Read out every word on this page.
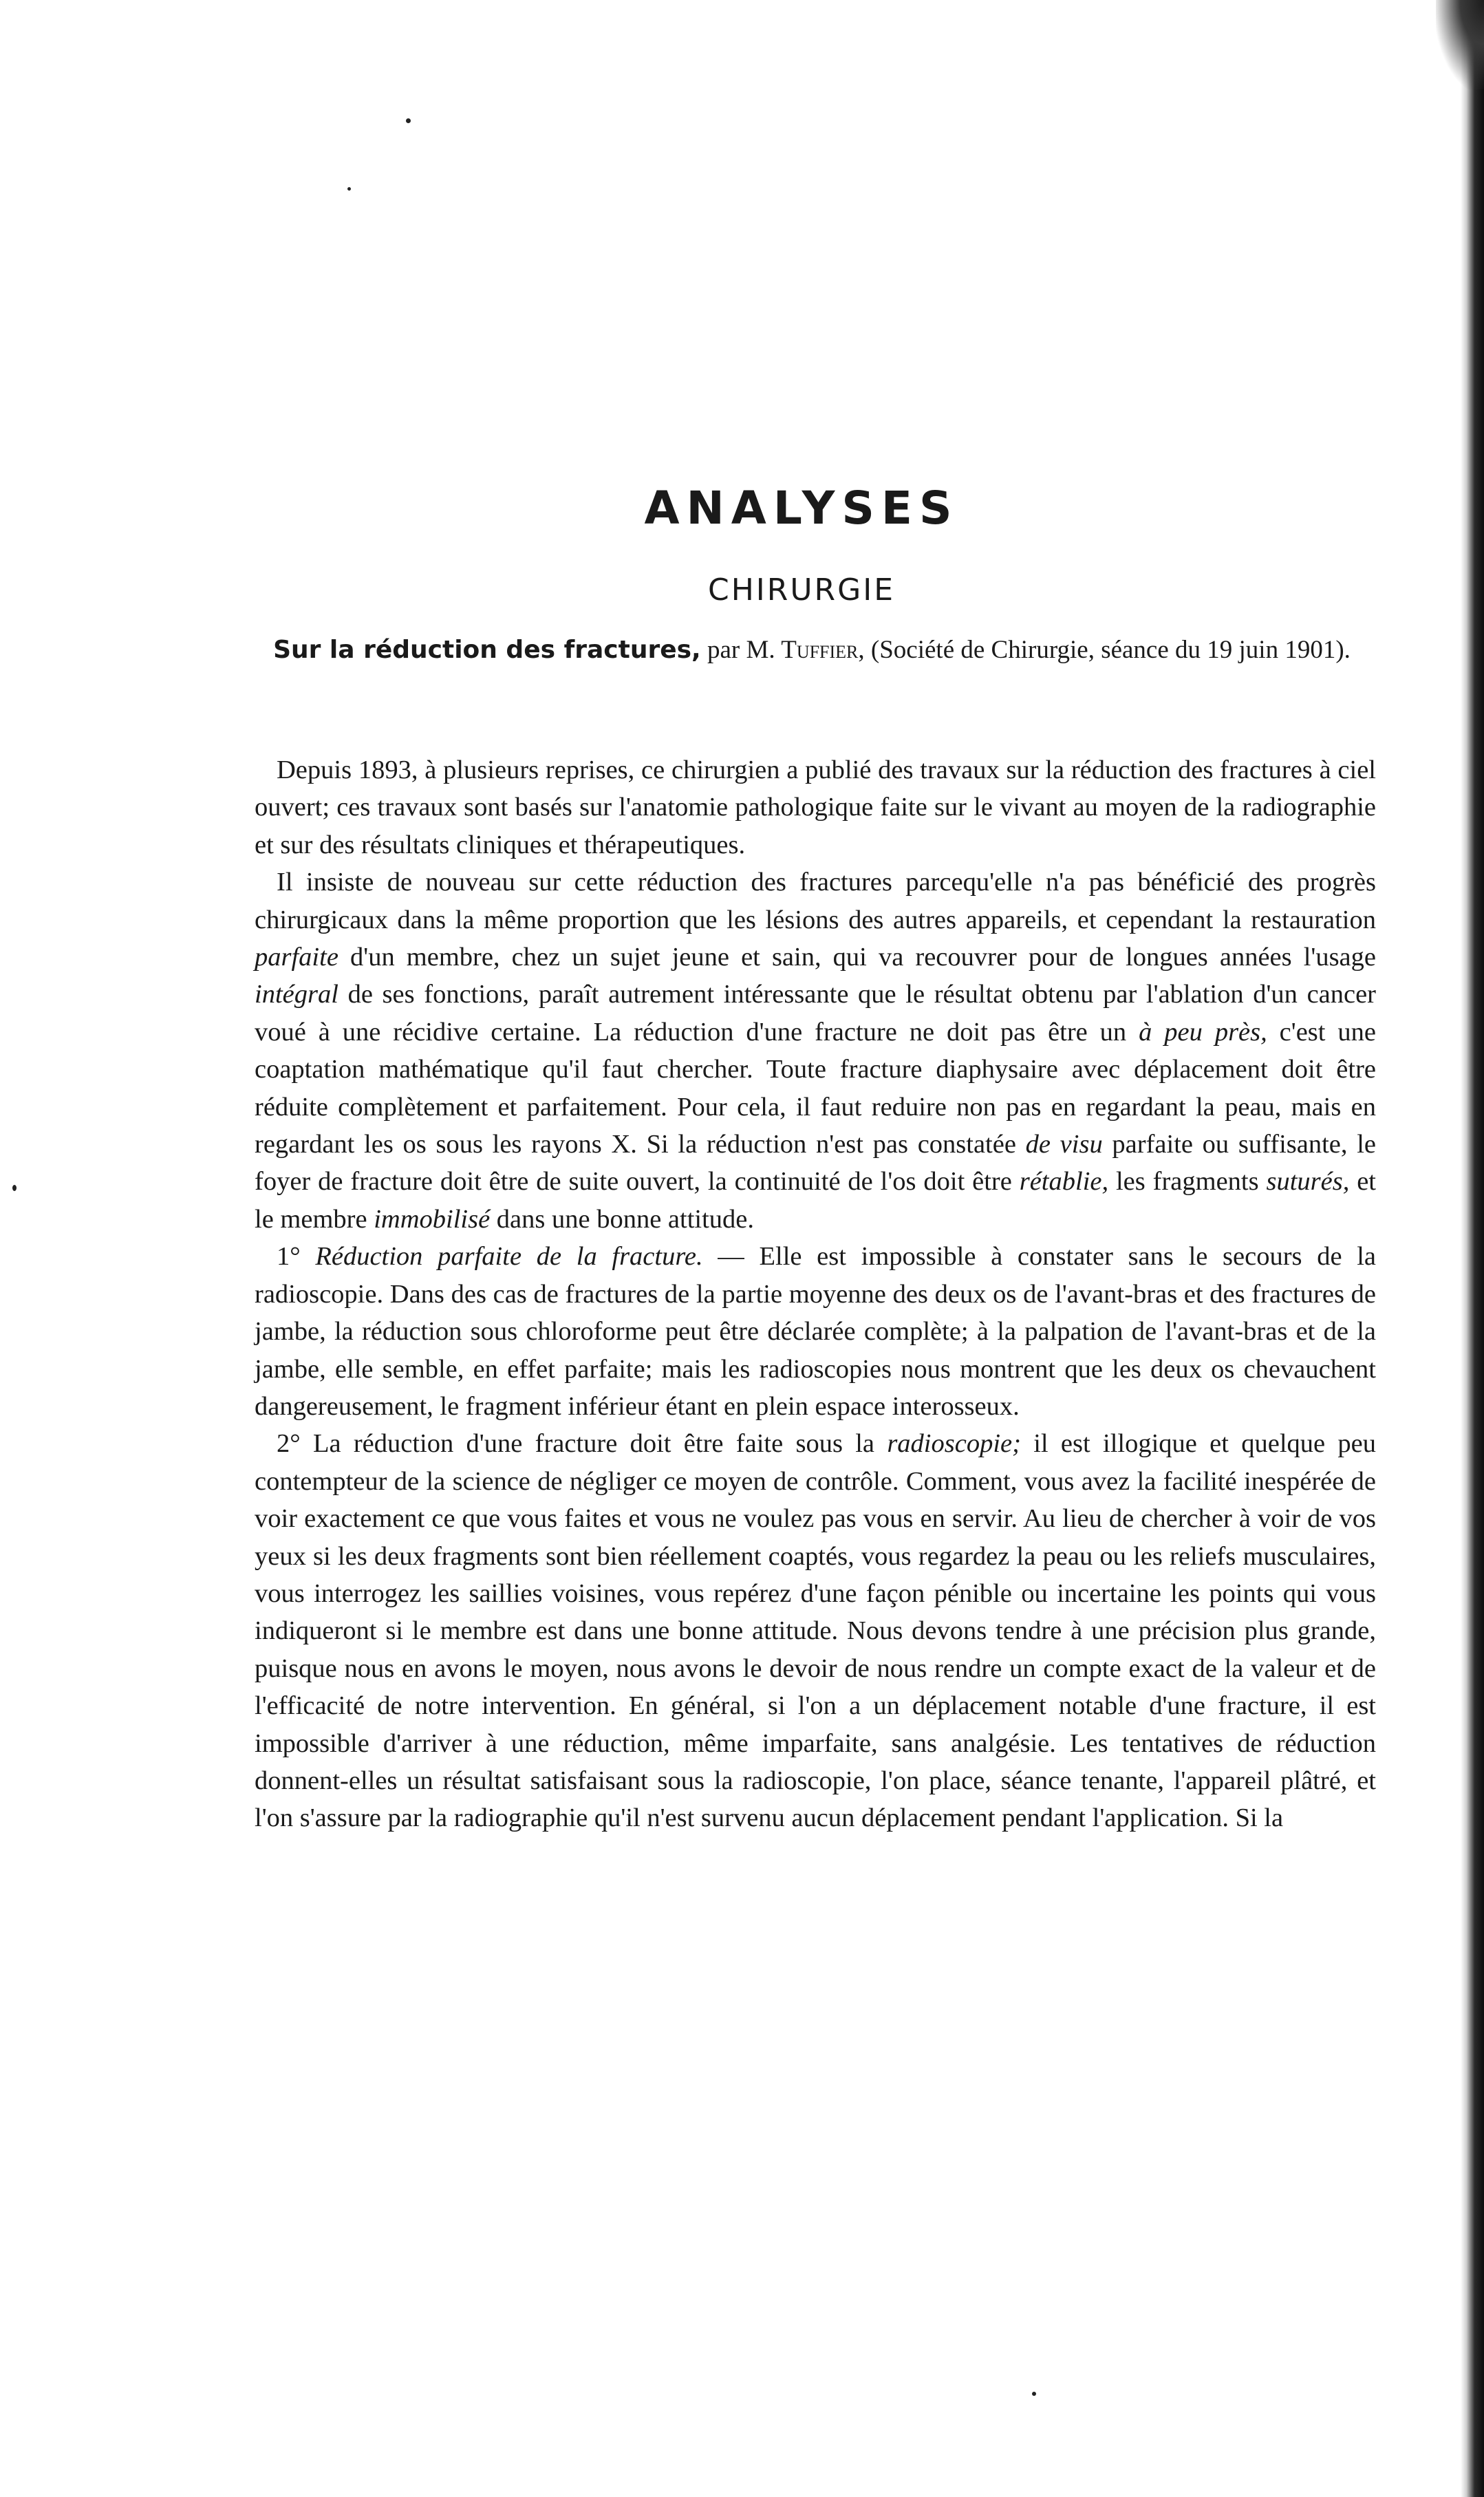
ANALYSES
CHIRURGIE

Sur la réduction des fractures, par M. Tuffier, (Société de Chirurgie, séance du 19 juin 1901).

Depuis 1893, à plusieurs reprises, ce chirurgien a publié des travaux sur la réduction des fractures à ciel ouvert; ces travaux sont basés sur l'anatomie pathologique faite sur le vivant au moyen de la radiographie et sur des résultats cliniques et thérapeutiques.

Il insiste de nouveau sur cette réduction des fractures parcequ'elle n'a pas bénéficié des progrès chirurgicaux dans la même proportion que les lésions des autres appareils, et cependant la restauration parfaite d'un membre, chez un sujet jeune et sain, qui va recouvrer pour de longues années l'usage intégral de ses fonctions, paraît autrement intéressante que le résultat obtenu par l'ablation d'un cancer voué à une récidive certaine. La réduction d'une fracture ne doit pas être un à peu près, c'est une coaptation mathématique qu'il faut chercher. Toute fracture diaphysaire avec déplacement doit être réduite complètement et parfaitement. Pour cela, il faut reduire non pas en regardant la peau, mais en regardant les os sous les rayons X. Si la réduction n'est pas constatée de visu parfaite ou suffisante, le foyer de fracture doit être de suite ouvert, la continuité de l'os doit être rétablie, les fragments suturés, et le membre immobilisé dans une bonne attitude.

1° Réduction parfaite de la fracture. — Elle est impossible à constater sans le secours de la radioscopie. Dans des cas de fractures de la partie moyenne des deux os de l'avant-bras et des fractures de jambe, la réduction sous chloroforme peut être déclarée complète; à la palpation de l'avant-bras et de la jambe, elle semble, en effet parfaite; mais les radioscopies nous montrent que les deux os chevauchent dangereusement, le fragment inférieur étant en plein espace interosseux.

2° La réduction d'une fracture doit être faite sous la radioscopie; il est illogique et quelque peu contempteur de la science de négliger ce moyen de contrôle. Comment, vous avez la facilité inespérée de voir exactement ce que vous faites et vous ne voulez pas vous en servir. Au lieu de chercher à voir de vos yeux si les deux fragments sont bien réellement coaptés, vous regardez la peau ou les reliefs musculaires, vous interrogez les saillies voisines, vous repérez d'une façon pénible ou incertaine les points qui vous indiqueront si le membre est dans une bonne attitude. Nous devons tendre à une précision plus grande, puisque nous en avons le moyen, nous avons le devoir de nous rendre un compte exact de la valeur et de l'efficacité de notre intervention. En général, si l'on a un déplacement notable d'une fracture, il est impossible d'arriver à une réduction, même imparfaite, sans analgésie. Les tentatives de réduction donnent-elles un résultat satisfaisant sous la radioscopie, l'on place, séance tenante, l'appareil plâtré, et l'on s'assure par la radiographie qu'il n'est survenu aucun déplacement pendant l'application. Si la
